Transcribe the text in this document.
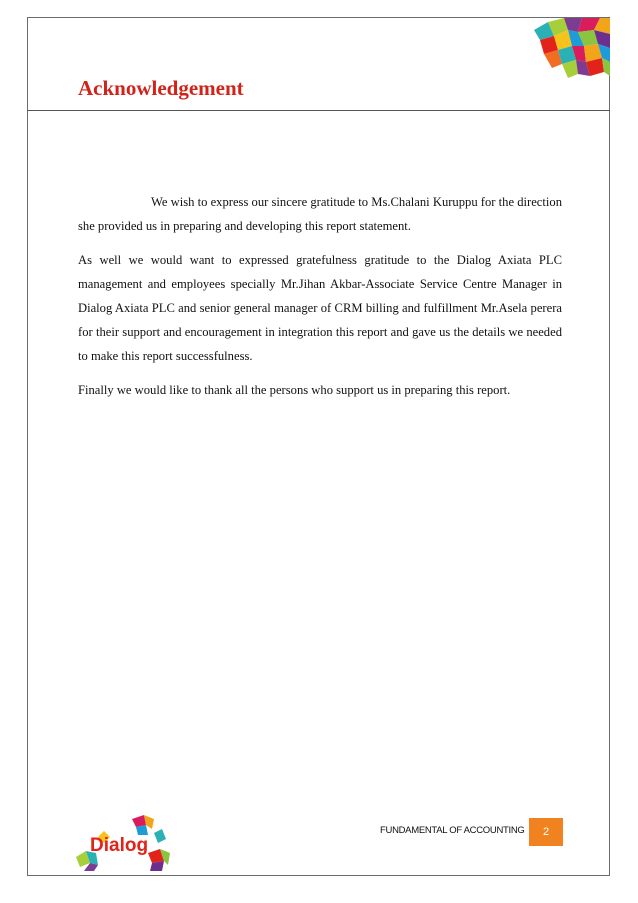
Acknowledgement

We wish to express our sincere gratitude to Ms.Chalani Kuruppu for the direction she provided us in preparing and developing this report statement.

As well we would want to expressed gratefulness gratitude to the Dialog Axiata PLC management and employees specially Mr.Jihan Akbar-Associate Service Centre Manager in Dialog Axiata PLC and senior general manager of CRM billing and fulfillment Mr.Asela perera for their support and encouragement in integration this report and gave us the details we needed to make this report successfulness.

Finally we would like to thank all the persons who support us in preparing this report.

Dialog
FUNDAMENTAL OF ACCOUNTING 2
